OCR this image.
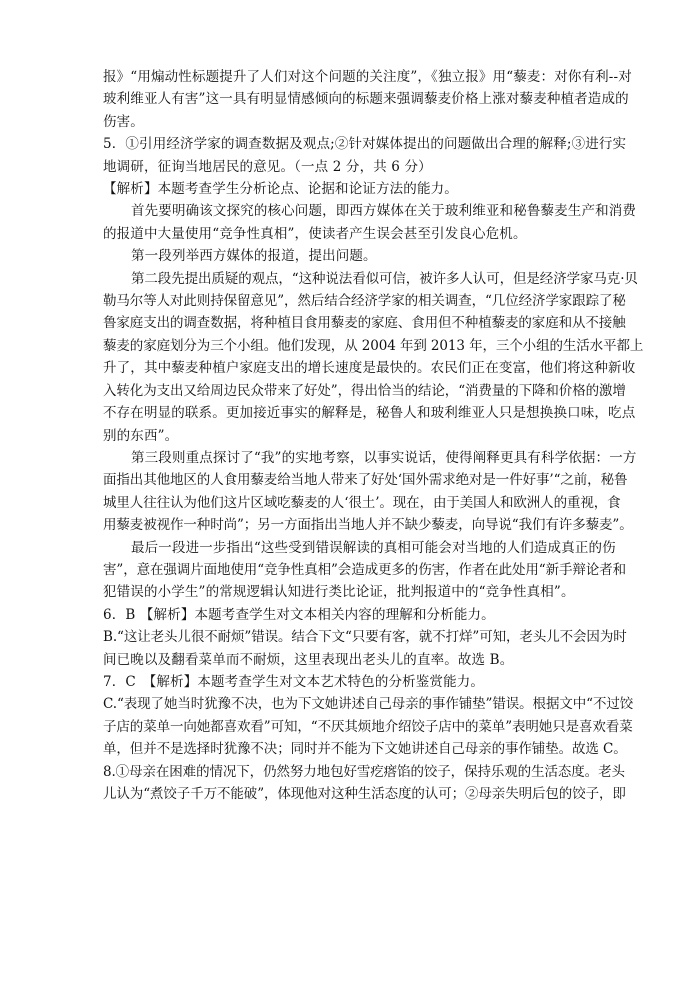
报》“用煽动性标题提升了人们对这个问题的关注度”，《独立报》用“藜麦：对你有利--对
玻利维亚人有害”这一具有明显情感倾向的标题来强调藜麦价格上涨对藜麦种植者造成的
伤害。
5．①引用经济学家的调查数据及观点;②针对媒体提出的问题做出合理的解释;③进行实
地调研，征询当地居民的意见。（一点 2 分，共 6 分）
【解析】本题考查学生分析论点、论据和论证方法的能力。
首先要明确该文探究的核心问题，即西方媒体在关于玻利维亚和秘鲁藜麦生产和消费
的报道中大量使用“竞争性真相”，使读者产生误会甚至引发良心危机。
第一段列举西方媒体的报道，提出问题。
第二段先提出质疑的观点，“这种说法看似可信，被许多人认可，但是经济学家马克·贝
勒马尔等人对此则持保留意见”，然后结合经济学家的相关调查，“几位经济学家跟踪了秘
鲁家庭支出的调查数据，将种植目食用藜麦的家庭、食用但不种植藜麦的家庭和从不接触
藜麦的家庭划分为三个小组。他们发现，从 2004 年到 2013 年，三个小组的生活水平都上
升了，其中藜麦种植户家庭支出的增长速度是最快的。农民们正在变富，他们将这种新收
入转化为支出又给周边民众带来了好处”，得出恰当的结论，“消费量的下降和价格的激增
不存在明显的联系。更加接近事实的解释是，秘鲁人和玻利维亚人只是想换换口味，吃点
别的东西”。
第三段则重点探讨了“我”的实地考察，以事实说话，使得阐释更具有科学依据：一方
面指出其他地区的人食用藜麦给当地人带来了好处‘国外需求绝对是一件好事’“之前，秘鲁
城里人往往认为他们这片区域吃藜麦的人‘很土’。现在，由于美国人和欧洲人的重视，食
用藜麦被视作一种时尚”；另一方面指出当地人并不缺少藜麦，向导说“我们有许多藜麦”。
最后一段进一步指出“这些受到错误解读的真相可能会对当地的人们造成真正的伤
害”，意在强调片面地使用“竞争性真相”会造成更多的伤害，作者在此处用“新手辩论者和
犯错误的小学生”的常规逻辑认知进行类比论证，批判报道中的“竞争性真相”。
6．B 【解析】本题考查学生对文本相关内容的理解和分析能力。
B.“这让老头儿很不耐烦”错误。结合下文“只要有客，就不打烊”可知，老头儿不会因为时
间已晚以及翻看菜单而不耐烦，这里表现出老头儿的直率。故选 B。
7．C　【解析】本题考查学生对文本艺术特色的分析鉴赏能力。
C.“表现了她当时犹豫不决，也为下文她讲述自己母亲的事作铺垫”错误。根据文中“不过饺
子店的菜单一向她都喜欢看”可知，“不厌其烦地介绍饺子店中的菜单”表明她只是喜欢看菜
单，但并不是选择时犹豫不决；同时并不能为下文她讲述自己母亲的事作铺垫。故选 C。
8.①母亲在困难的情况下，仍然努力地包好雪疙瘩馅的饺子，保持乐观的生活态度。老头
儿认为“煮饺子千万不能破”，体现他对这种生活态度的认可；②母亲失明后包的饺子，即
